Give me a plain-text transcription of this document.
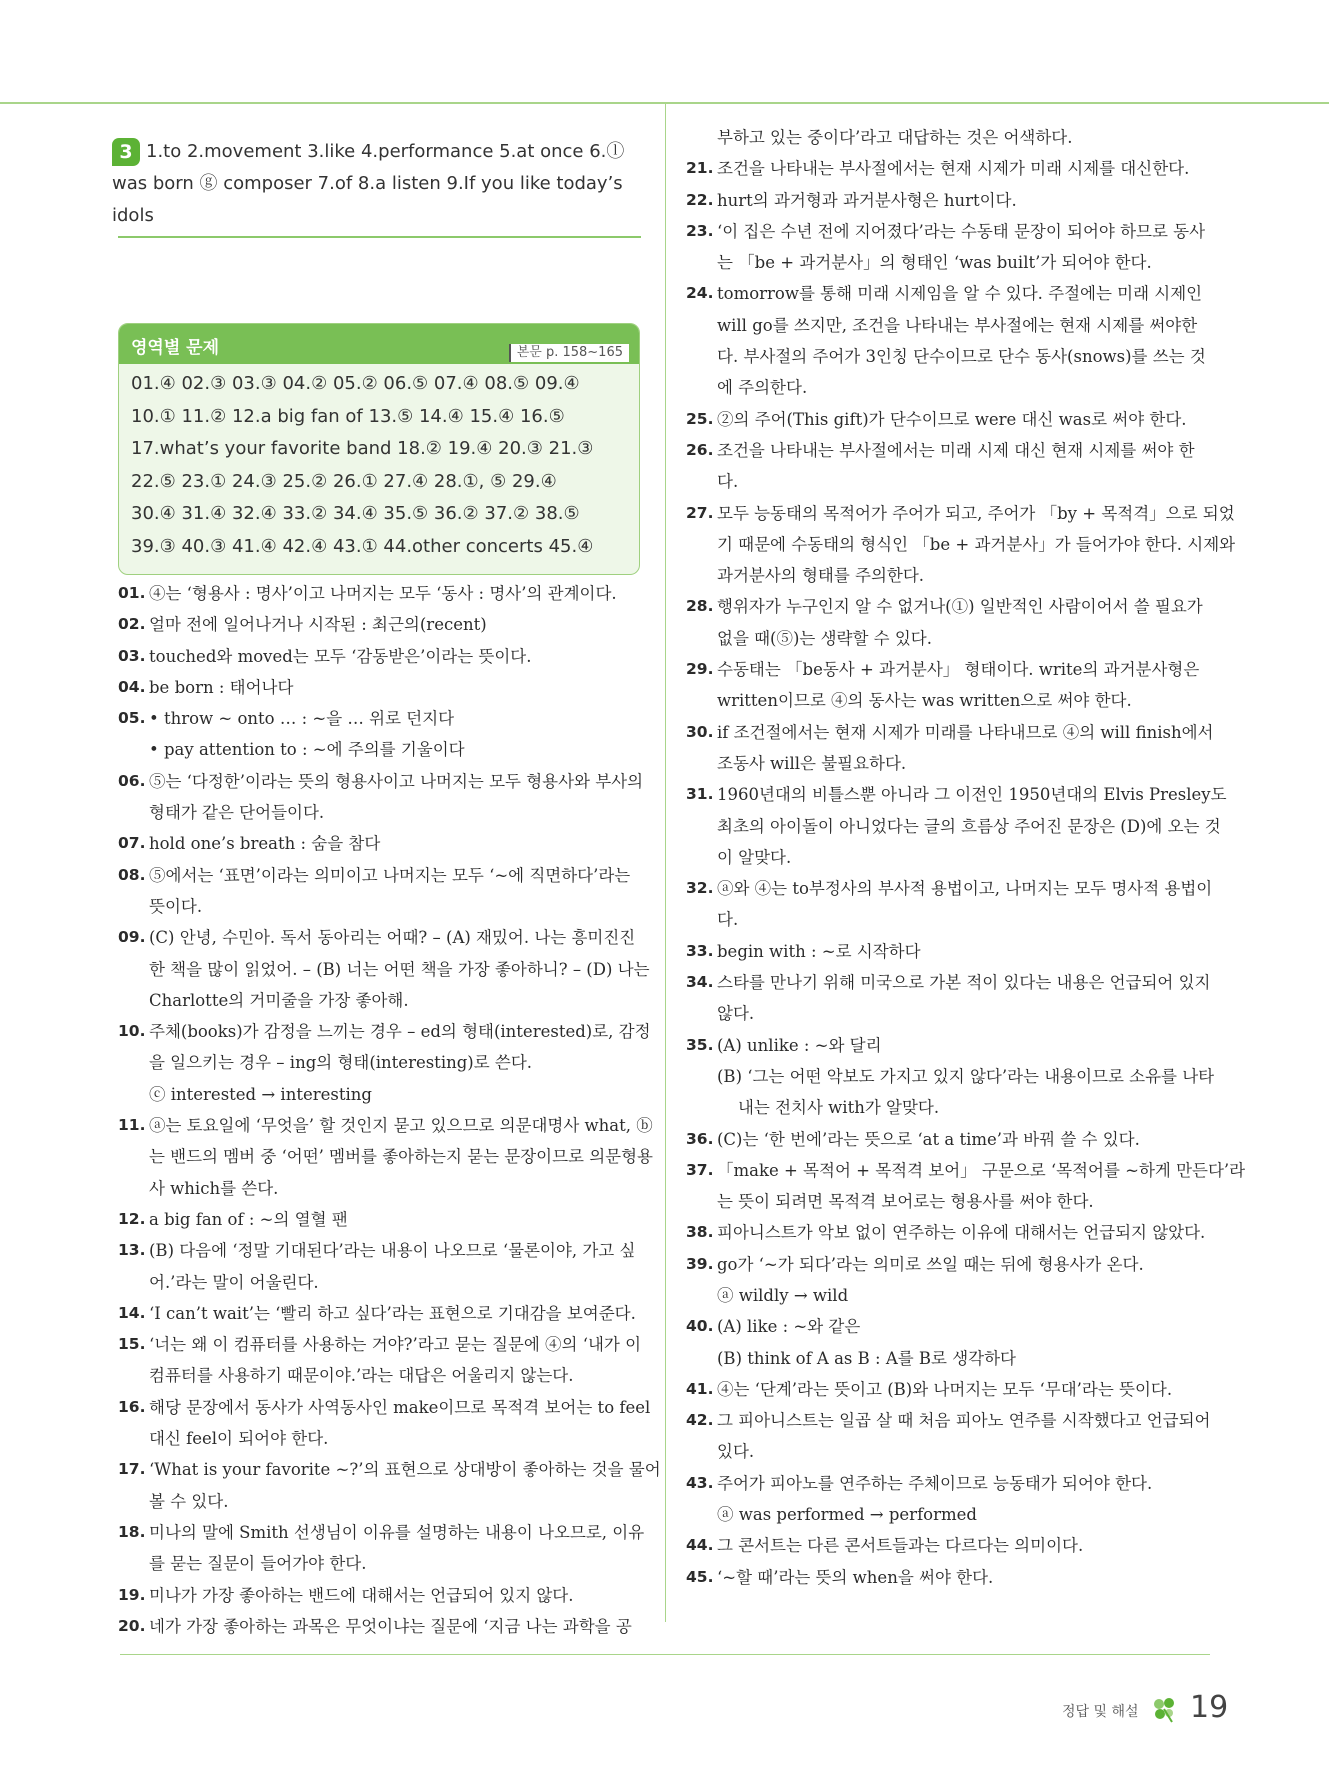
3 1.to 2.movement 3.like 4.performance 5.at once 6.ⓛ was born ⓖ composer 7.of 8.a listen 9.If you like today’s idols
영역별 문제	본문 p. 158~165
01.④ 02.③ 03.③ 04.② 05.② 06.⑤ 07.④ 08.⑤ 09.④
10.① 11.② 12.a big fan of 13.⑤ 14.④ 15.④ 16.⑤
17.what’s your favorite band 18.② 19.④ 20.③ 21.③
22.⑤ 23.① 24.③ 25.② 26.① 27.④ 28.①, ⑤ 29.④
30.④ 31.④ 32.④ 33.② 34.④ 35.⑤ 36.② 37.② 38.⑤
39.③ 40.③ 41.④ 42.④ 43.① 44.other concerts 45.④
01. ④는 ‘형용사 : 명사’이고 나머지는 모두 ‘동사 : 명사’의 관계이다.
02. 얼마 전에 일어나거나 시작된 : 최근의(recent)
03. touched와 moved는 모두 ‘감동받은’이라는 뜻이다.
04. be born : 태어나다
05. • throw ~ onto … : ~을 … 위로 던지다
• pay attention to : ~에 주의를 기울이다
06. ⑤는 ‘다정한’이라는 뜻의 형용사이고 나머지는 모두 형용사와 부사의
형태가 같은 단어들이다.
07. hold one’s breath : 숨을 참다
08. ⑤에서는 ‘표면’이라는 의미이고 나머지는 모두 ‘~에 직면하다’라는
뜻이다.
09. (C) 안녕, 수민아. 독서 동아리는 어때? – (A) 재밌어. 나는 흥미진진
한 책을 많이 읽었어. – (B) 너는 어떤 책을 가장 좋아하니? – (D) 나는
Charlotte의 거미줄을 가장 좋아해.
10. 주체(books)가 감정을 느끼는 경우 – ed의 형태(interested)로, 감정
을 일으키는 경우 – ing의 형태(interesting)로 쓴다.
ⓒ interested → interesting
11. ⓐ는 토요일에 ‘무엇을’ 할 것인지 묻고 있으므로 의문대명사 what, ⓑ
는 밴드의 멤버 중 ‘어떤’ 멤버를 좋아하는지 묻는 문장이므로 의문형용
사 which를 쓴다.
12. a big fan of : ~의 열혈 팬
13. (B) 다음에 ‘정말 기대된다’라는 내용이 나오므로 ‘물론이야, 가고 싶
어.’라는 말이 어울린다.
14. ‘I can’t wait’는 ‘빨리 하고 싶다’라는 표현으로 기대감을 보여준다.
15. ‘너는 왜 이 컴퓨터를 사용하는 거야?’라고 묻는 질문에 ④의 ‘내가 이
컴퓨터를 사용하기 때문이야.’라는 대답은 어울리지 않는다.
16. 해당 문장에서 동사가 사역동사인 make이므로 목적격 보어는 to feel
대신 feel이 되어야 한다.
17. ‘What is your favorite ~?’의 표현으로 상대방이 좋아하는 것을 물어
볼 수 있다.
18. 미나의 말에 Smith 선생님이 이유를 설명하는 내용이 나오므로, 이유
를 묻는 질문이 들어가야 한다.
19. 미나가 가장 좋아하는 밴드에 대해서는 언급되어 있지 않다.
20. 네가 가장 좋아하는 과목은 무엇이냐는 질문에 ‘지금 나는 과학을 공
부하고 있는 중이다’라고 대답하는 것은 어색하다.
21. 조건을 나타내는 부사절에서는 현재 시제가 미래 시제를 대신한다.
22. hurt의 과거형과 과거분사형은 hurt이다.
23. ‘이 집은 수년 전에 지어졌다’라는 수동태 문장이 되어야 하므로 동사
는 「be + 과거분사」의 형태인 ‘was built’가 되어야 한다.
24. tomorrow를 통해 미래 시제임을 알 수 있다. 주절에는 미래 시제인
will go를 쓰지만, 조건을 나타내는 부사절에는 현재 시제를 써야한
다. 부사절의 주어가 3인칭 단수이므로 단수 동사(snows)를 쓰는 것
에 주의한다.
25. ②의 주어(This gift)가 단수이므로 were 대신 was로 써야 한다.
26. 조건을 나타내는 부사절에서는 미래 시제 대신 현재 시제를 써야 한
다.
27. 모두 능동태의 목적어가 주어가 되고, 주어가 「by + 목적격」으로 되었
기 때문에 수동태의 형식인 「be + 과거분사」가 들어가야 한다. 시제와
과거분사의 형태를 주의한다.
28. 행위자가 누구인지 알 수 없거나(①) 일반적인 사람이어서 쓸 필요가
없을 때(⑤)는 생략할 수 있다.
29. 수동태는 「be동사 + 과거분사」 형태이다. write의 과거분사형은
written이므로 ④의 동사는 was written으로 써야 한다.
30. if 조건절에서는 현재 시제가 미래를 나타내므로 ④의 will finish에서
조동사 will은 불필요하다.
31. 1960년대의 비틀스뿐 아니라 그 이전인 1950년대의 Elvis Presley도
최초의 아이돌이 아니었다는 글의 흐름상 주어진 문장은 (D)에 오는 것
이 알맞다.
32. ⓐ와 ④는 to부정사의 부사적 용법이고, 나머지는 모두 명사적 용법이
다.
33. begin with : ~로 시작하다
34. 스타를 만나기 위해 미국으로 가본 적이 있다는 내용은 언급되어 있지
않다.
35. (A) unlike : ~와 달리
(B) ‘그는 어떤 악보도 가지고 있지 않다’라는 내용이므로 소유를 나타
내는 전치사 with가 알맞다.
36. (C)는 ‘한 번에’라는 뜻으로 ‘at a time’과 바꿔 쓸 수 있다.
37. 「make + 목적어 + 목적격 보어」 구문으로 ‘목적어를 ~하게 만든다’라
는 뜻이 되려면 목적격 보어로는 형용사를 써야 한다.
38. 피아니스트가 악보 없이 연주하는 이유에 대해서는 언급되지 않았다.
39. go가 ‘~가 되다’라는 의미로 쓰일 때는 뒤에 형용사가 온다.
ⓐ wildly → wild
40. (A) like : ~와 같은
(B) think of A as B : A를 B로 생각하다
41. ④는 ‘단계’라는 뜻이고 (B)와 나머지는 모두 ‘무대’라는 뜻이다.
42. 그 피아니스트는 일곱 살 때 처음 피아노 연주를 시작했다고 언급되어
있다.
43. 주어가 피아노를 연주하는 주체이므로 능동태가 되어야 한다.
ⓐ was performed → performed
44. 그 콘서트는 다른 콘서트들과는 다르다는 의미이다.
45. ‘~할 때’라는 뜻의 when을 써야 한다.
정답 및 해설 19
